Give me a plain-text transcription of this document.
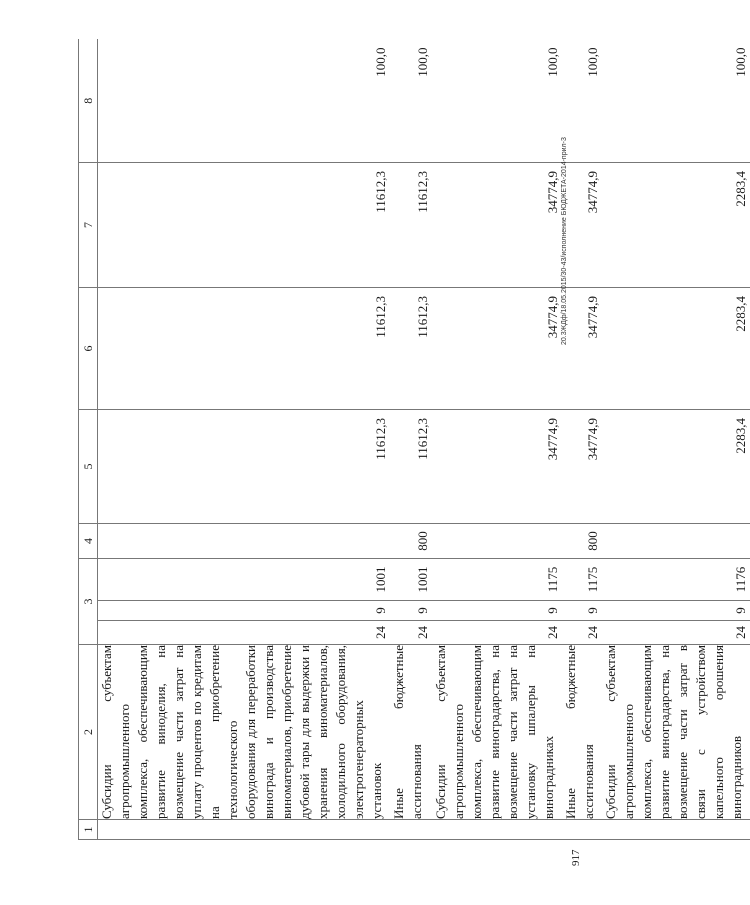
1	2	3			4	5	6	7	8
	Субсидии субъектам агропромышленного комплекса, обеспечивающим развитие виноделия, на возмещение части затрат на уплату процентов по кредитам на приобретение технологического оборудования для переработки винограда и производства виноматериалов, приобретение дубовой тары для выдержки и хранения виноматериалов, холодильного оборудования, электрогенераторных установок	24	9	1001		11612,3	11612,3	11612,3	100,0
	Иные бюджетные ассигнования	24	9	1001	800	11612,3	11612,3	11612,3	100,0
	Субсидии субъектам агропромышленного комплекса, обеспечивающим развитие виноградарства, на возмещение части затрат на установку шпалеры на виноградниках	24	9	1175		34774,9	34774,9	34774,9	100,0
	Иные бюджетные ассигнования	24	9	1175	800	34774,9	34774,9	34774,9	100,0
	Субсидии субъектам агропромышленного комплекса, обеспечивающим развитие виноградарства, на возмещение части затрат в связи с устройством капельного орошения виноградников	24	9	1176		2283,4	2283,4	2283,4	100,0
20.3ЖДф/18.05.2015/30-43/исполнение БЮДЖЕТА-2014-прил-3
917
